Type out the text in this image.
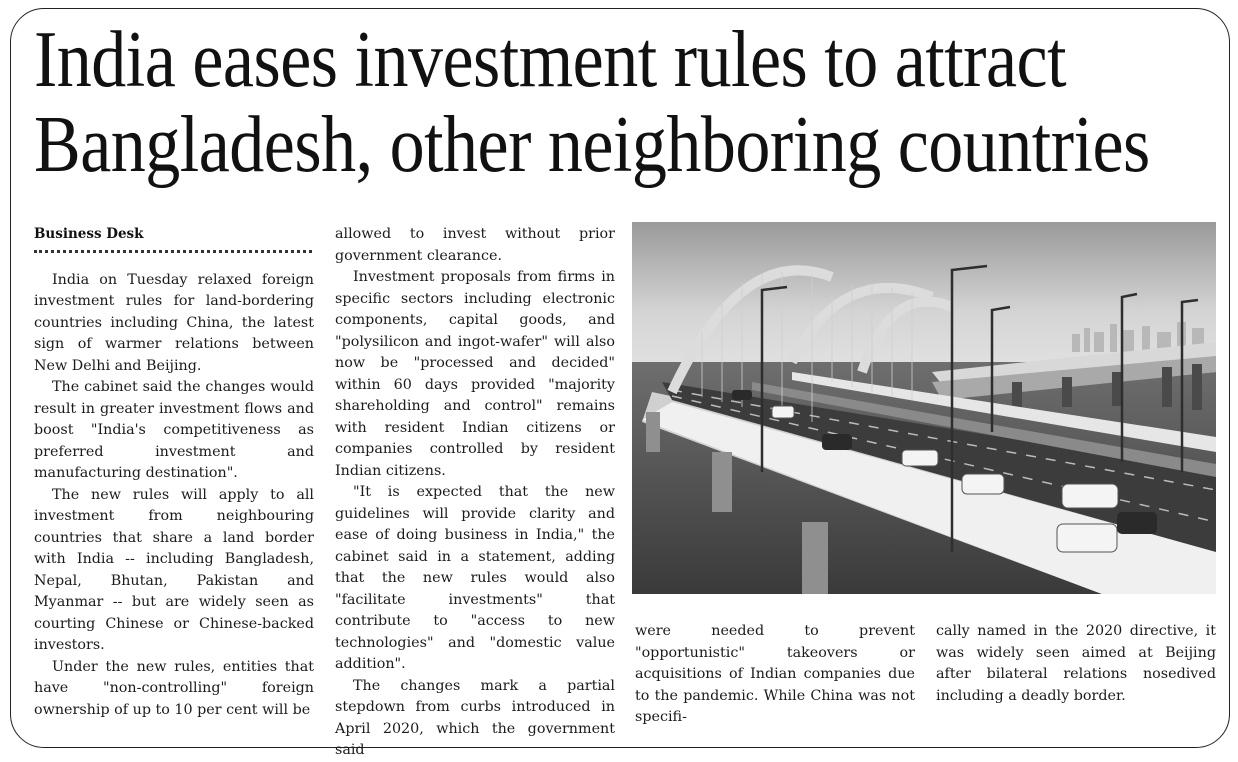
India eases investment rules to attract Bangladesh, other neighboring countries
Business Desk

India on Tuesday relaxed foreign investment rules for land-bordering countries including China, the latest sign of warmer relations between New Delhi and Beijing.

The cabinet said the changes would result in greater investment flows and boost "India's competitiveness as preferred investment and manufacturing destination".

The new rules will apply to all investment from neighbouring countries that share a land border with India -- including Bangladesh, Nepal, Bhutan, Pakistan and Myanmar -- but are widely seen as courting Chinese or Chinese-backed investors.

Under the new rules, entities that have "non-controlling" foreign ownership of up to 10 per cent will be

allowed to invest without prior government clearance.

Investment proposals from firms in specific sectors including electronic components, capital goods, and "polysilicon and ingot-wafer" will also now be "processed and decided" within 60 days provided "majority shareholding and control" remains with resident Indian citizens or companies controlled by resident Indian citizens.

"It is expected that the new guidelines will provide clarity and ease of doing business in India," the cabinet said in a statement, adding that the new rules would also "facilitate investments" that contribute to "access to new technologies" and "domestic value addition".

The changes mark a partial stepdown from curbs introduced in April 2020, which the government said

were needed to prevent "opportunistic" takeovers or acquisitions of Indian companies due to the pandemic. While China was not specifi-

cally named in the 2020 directive, it was widely seen aimed at Beijing after bilateral relations nosedived including a deadly border.
